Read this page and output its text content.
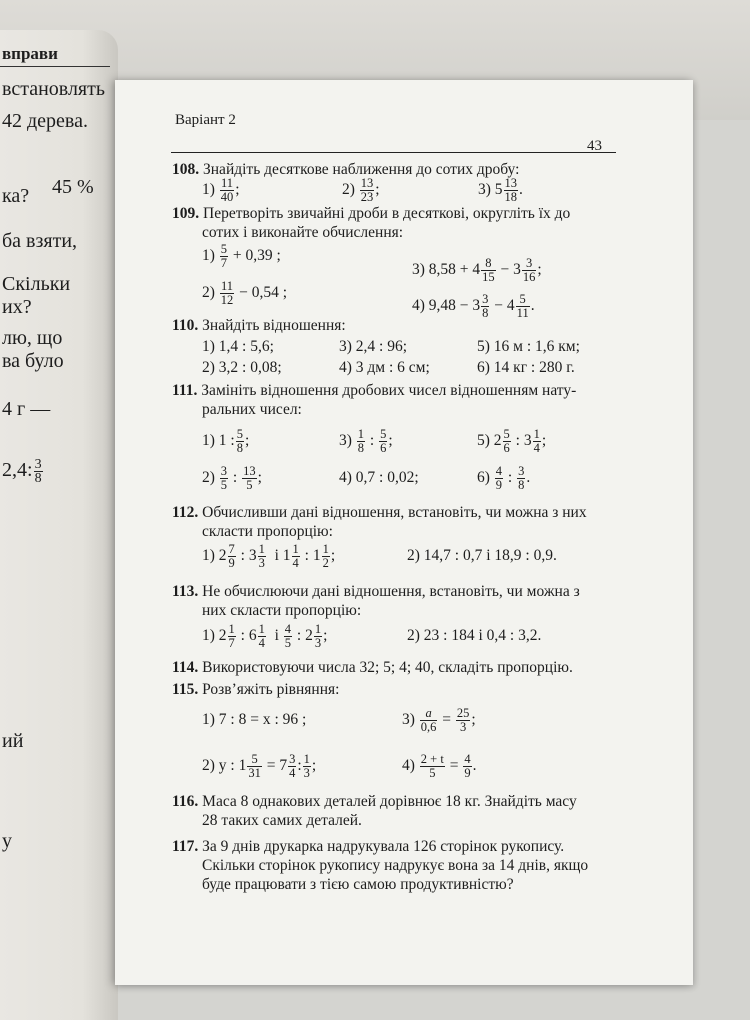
вправи
встановлять
42 дерева.
45 %
ка?
ба взяти,
Скільки
их?
лю, що
ва було
4 г —
2,4: $\frac{3}{8}$
ий
у
Варіант 2
43
108. Знайдіть десяткове наближення до сотих дробу:
$1) \frac{11}{40}$ ;	$2) \frac{13}{23}$ ;	3) $5 \frac{13}{18}$ .
109. Перетворіть звичайні дроби в десяткові, округліть їх до
сотих і виконайте обчислення:
$1) \frac{5}{7} + 0,39$ ;
3) $8,58 + 4 \frac{8}{15} - 3 \frac{3}{16}$ ;
$2) \frac{11}{12} - 0,54$ ;
4) $9,48 - 3 \frac{3}{8} - 4 \frac{5}{11}$ .
110. Знайдіть відношення:
1) 1,4 : 5,6;	3) 2,4 : 96;	5) 16 м : 1,6 км;
2) 3,2 : 0,08;	4) 3 дм : 6 см;	6) 14 кг : 280 г.
111. Замініть відношення дробових чисел відношенням нату-
ральних чисел:
1) 1 : $\frac{5}{8}$ ;	$3) \frac{1}{8}$ : $\frac{5}{6}$ ;	5) $2 \frac{5}{6}$ : $3 \frac{1}{4}$ ;
$2) \frac{3}{5}$ : $\frac{13}{5}$ ;	4) 0,7 : 0,02;	$6) \frac{4}{9}$ : $\frac{3}{8}$ .
112. Обчисливши дані відношення, встановіть, чи можна з них
скласти пропорцію:
1) $2 \frac{7}{9}$ : $3 \frac{1}{3}$ і $1 \frac{1}{4}$ : $1 \frac{1}{2}$ ;	2) 14,7 : 0,7 і 18,9 : 0,9.
113. Не обчислюючи дані відношення, встановіть, чи можна з
них скласти пропорцію:
1) $2 \frac{1}{7}$ : $6 \frac{1}{4}$ і $\frac{4}{5}$ : $2 \frac{1}{3}$ ;	2) 23 : 184 і 0,4 : 3,2.
114. Використовуючи числа 32; 5; 4; 40, складіть пропорцію.
115. Розв’яжіть рівняння:
1) 7 : 8 = x : 96 ;	$3) \frac{a}{0,6} = \frac{25}{3}$ ;
2) y : $1 \frac{5}{31} = 7 \frac{3}{4}$ : $\frac{1}{3}$ ;	$4) \frac{2 + t}{5} = \frac{4}{9}$ .
116. Маса 8 однакових деталей дорівнює 18 кг. Знайдіть масу
28 таких самих деталей.
117. За 9 днів друкарка надрукувала 126 сторінок рукопису.
Скільки сторінок рукопису надрукує вона за 14 днів, якщо
буде працювати з тією самою продуктивністю?
